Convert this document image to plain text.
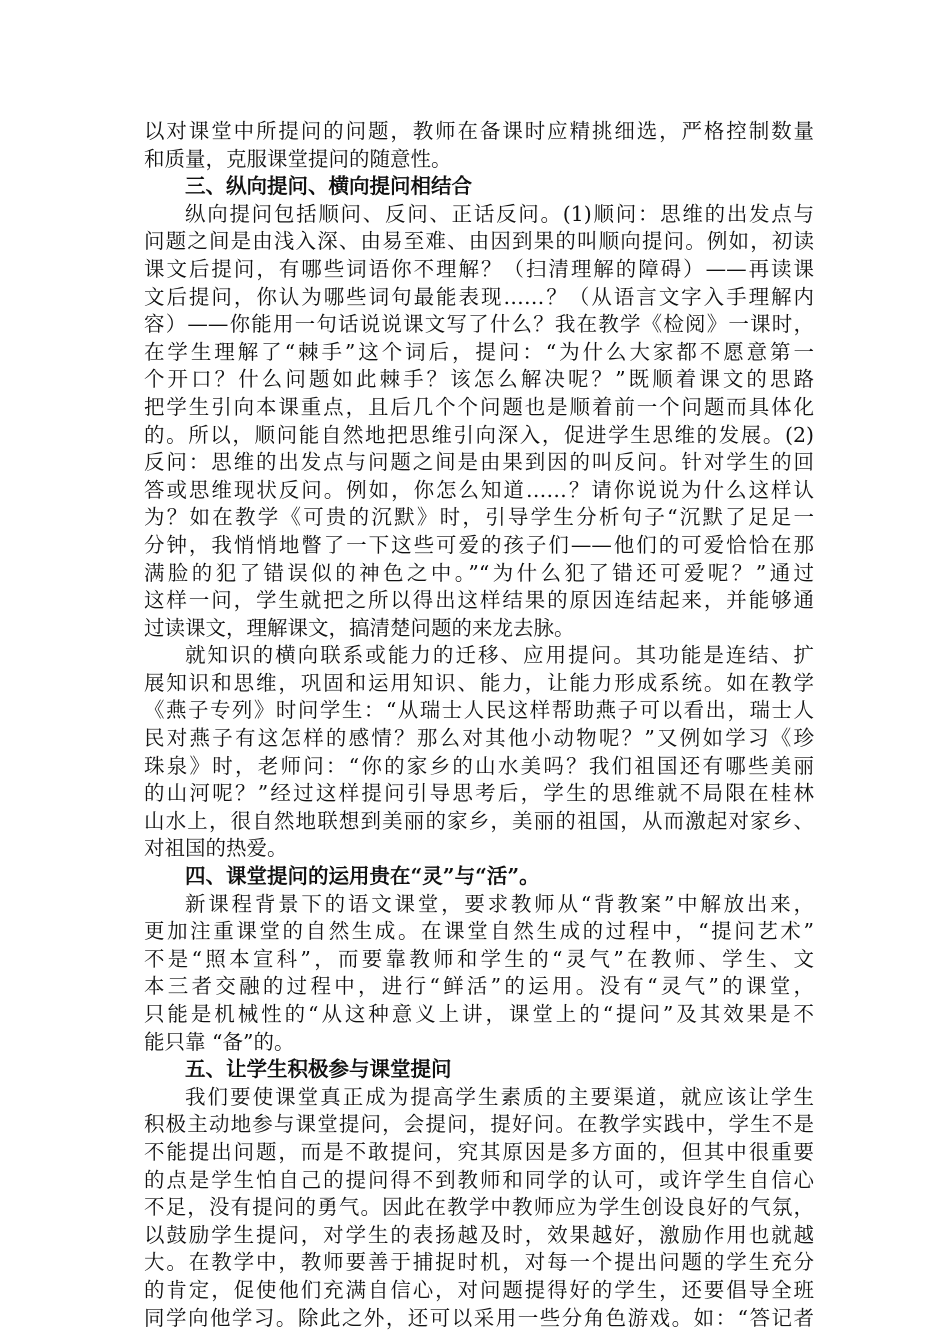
以对课堂中所提问的问题，教师在备课时应精挑细选，严格控制数量
和质量，克服课堂提问的随意性。
三、纵向提问、横向提问相结合
纵向提问包括顺问、反问、正话反问。(1)顺问：思维的出发点与
问题之间是由浅入深、由易至难、由因到果的叫顺向提问。例如，初读
课文后提问，有哪些词语你不理解？（扫清理解的障碍）——再读课
文后提问，你认为哪些词句最能表现……？（从语言文字入手理解内
容）——你能用一句话说说课文写了什么？我在教学《检阅》一课时，
在学生理解了“棘手”这个词后，提问：“为什么大家都不愿意第一
个开口？什么问题如此棘手？该怎么解决呢？”既顺着课文的思路
把学生引向本课重点，且后几个个问题也是顺着前一个问题而具体化
的。所以，顺问能自然地把思维引向深入，促进学生思维的发展。(2)
反问：思维的出发点与问题之间是由果到因的叫反问。针对学生的回
答或思维现状反问。例如，你怎么知道……？请你说说为什么这样认
为？如在教学《可贵的沉默》时，引导学生分析句子“沉默了足足一
分钟，我悄悄地瞥了一下这些可爱的孩子们——他们的可爱恰恰在那
满脸的犯了错误似的神色之中。”“为什么犯了错还可爱呢？”通过
这样一问，学生就把之所以得出这样结果的原因连结起来，并能够通
过读课文，理解课文，搞清楚问题的来龙去脉。
就知识的横向联系或能力的迁移、应用提问。其功能是连结、扩
展知识和思维，巩固和运用知识、能力，让能力形成系统。如在教学
《燕子专列》时问学生：“从瑞士人民这样帮助燕子可以看出，瑞士人
民对燕子有这怎样的感情？那么对其他小动物呢？”又例如学习《珍
珠泉》时，老师问：“你的家乡的山水美吗？我们祖国还有哪些美丽
的山河呢？”经过这样提问引导思考后，学生的思维就不局限在桂林
山水上，很自然地联想到美丽的家乡，美丽的祖国，从而激起对家乡、
对祖国的热爱。
四、课堂提问的运用贵在“灵”与“活”。
新课程背景下的语文课堂，要求教师从“背教案”中解放出来，
更加注重课堂的自然生成。在课堂自然生成的过程中，“提问艺术”
不是“照本宣科”，而要靠教师和学生的“灵气”在教师、学生、文
本三者交融的过程中，进行“鲜活”的运用。没有“灵气”的课堂，
只能是机械性的“从这种意义上讲，课堂上的“提问”及其效果是不
能只靠 “备”的。
五、让学生积极参与课堂提问
我们要使课堂真正成为提高学生素质的主要渠道，就应该让学生
积极主动地参与课堂提问，会提问，提好问。在教学实践中，学生不是
不能提出问题，而是不敢提问，究其原因是多方面的，但其中很重要
的点是学生怕自己的提问得不到教师和同学的认可，或许学生自信心
不足，没有提问的勇气。因此在教学中教师应为学生创设良好的气氛，
以鼓励学生提问，对学生的表扬越及时，效果越好，激励作用也就越
大。在教学中，教师要善于捕捉时机，对每一个提出问题的学生充分
的肯定，促使他们充满自信心，对问题提得好的学生，还要倡导全班
同学向他学习。除此之外，还可以采用一些分角色游戏。如：“答记者
